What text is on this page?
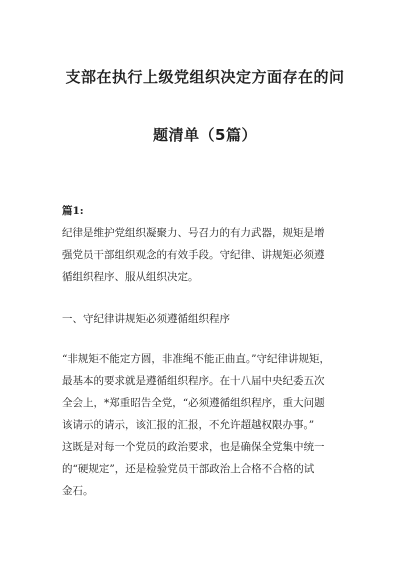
支部在执行上级党组织决定方面存在的问
题清单（5篇）
篇1:
纪律是维护党组织凝聚力、号召力的有力武器，规矩是增
强党员干部组织观念的有效手段。守纪律、讲规矩必须遵
循组织程序、服从组织决定。
一、守纪律讲规矩必须遵循组织程序
“非规矩不能定方圆，非准绳不能正曲直。”守纪律讲规矩，
最基本的要求就是遵循组织程序。在十八届中央纪委五次
全会上，*郑重昭告全党，“必须遵循组织程序，重大问题
该请示的请示，该汇报的汇报，不允许超越权限办事。”
这既是对每一个党员的政治要求，也是确保全党集中统一
的“硬规定”，还是检验党员干部政治上合格不合格的试
金石。
